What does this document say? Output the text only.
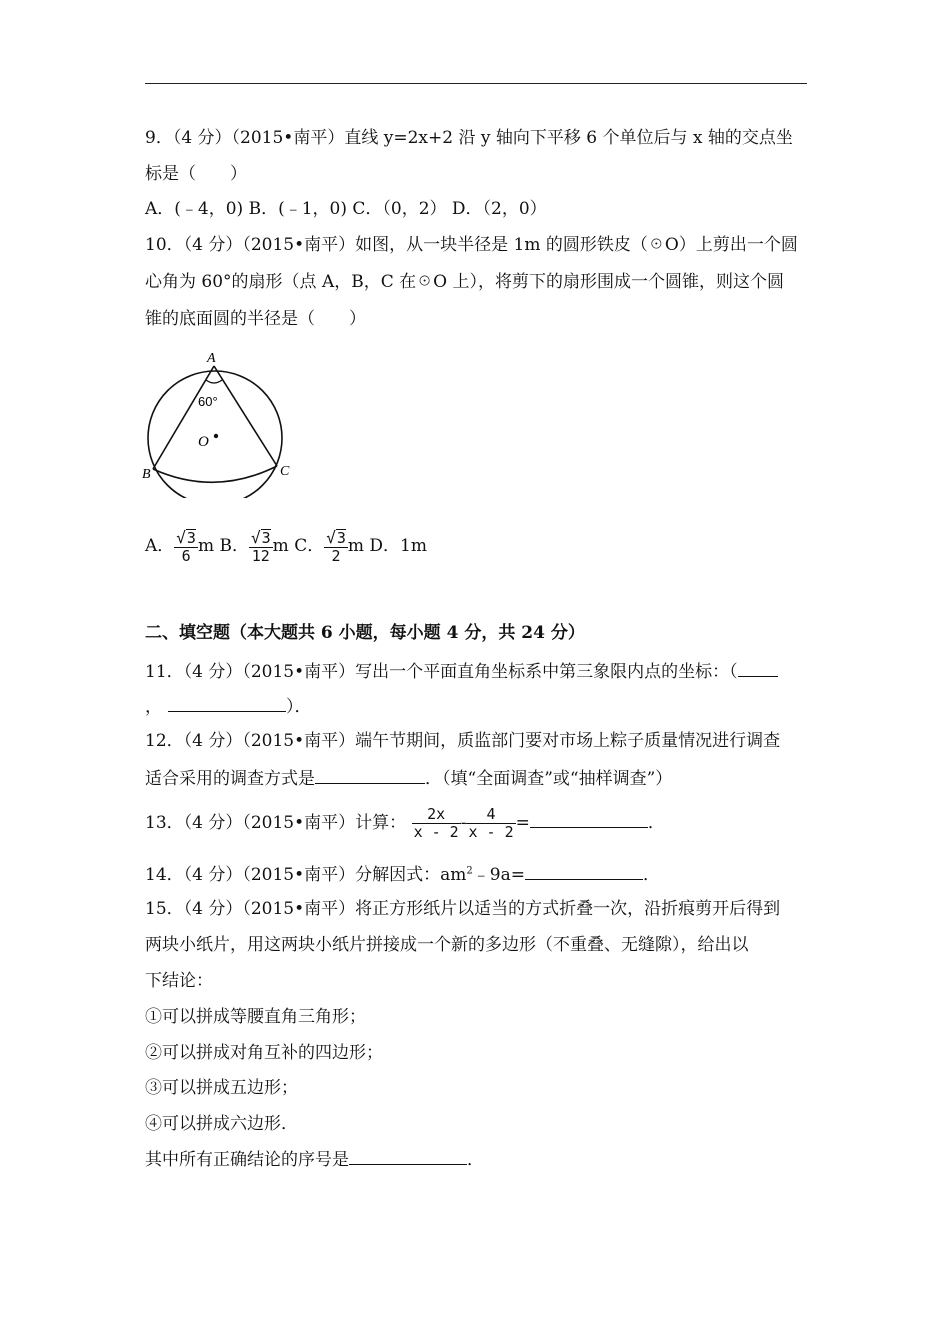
9．（4 分）（2015•南平）直线 y=2x+2 沿 y 轴向下平移 6 个单位后与 x 轴的交点坐
标是（　　）
A．(﹣4，0) B．(﹣1，0) C．（0，2） D．（2，0）
10．（4 分）（2015•南平）如图，从一块半径是 1m 的圆形铁皮（☉O）上剪出一个圆
心角为 60°的扇形（点 A，B，C 在☉O 上），将剪下的扇形围成一个圆锥，则这个圆
锥的底面圆的半径是（　　）
A
60°
O
B	C
A． $\frac{√3}{6}$ m B． $\frac{√3}{12}$ m C． $\frac{√3}{2}$ m D．1m
二、填空题（本大题共 6 小题，每小题 4 分，共 24 分）
11．（4 分）（2015•南平）写出一个平面直角坐标系中第三象限内点的坐标：（
，	）．
12．（4 分）（2015•南平）端午节期间，质监部门要对市场上粽子质量情况进行调查
适合采用的调查方式是	．（填“全面调查”或“抽样调查”）
13．（4 分）（2015•南平）计算： $\frac{2x}{x - 2} - \frac{4}{x - 2}$ =	．
14．（4 分）（2015•南平）分解因式：$am^2﹣9a=$	．
15．（4 分）（2015•南平）将正方形纸片以适当的方式折叠一次，沿折痕剪开后得到
两块小纸片，用这两块小纸片拼接成一个新的多边形（不重叠、无缝隙），给出以
下结论：
①可以拼成等腰直角三角形；
②可以拼成对角互补的四边形；
③可以拼成五边形；
④可以拼成六边形．
其中所有正确结论的序号是	．
